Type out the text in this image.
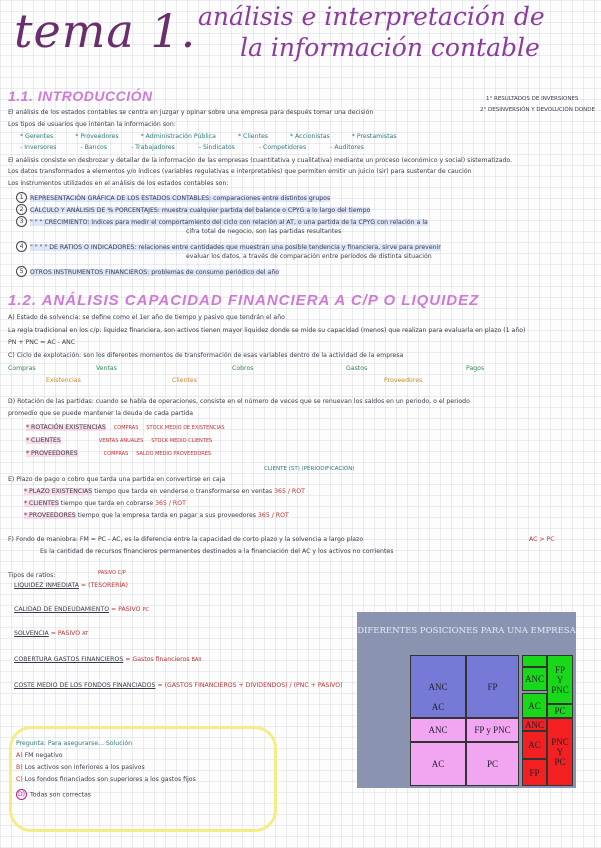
tema 1. análisis e interpretación de
la información contable
1° RESULTADOS DE INVERSIONES
2° DESINVERSIÓN Y DEVOLUCIÓN DONDE
1.1. INTRODUCCIÓN
El análisis de los estados contables se centra en juzgar y opinar sobre una empresa para después tomar una decisión
Los tipos de usuarios que intentan la información son:
* Gerentes	* Proveedores	* Administración Pública	* Clientes	* Accionistas	* Prestamistas
- Inversores	- Bancos	- Trabajadores	- Sindicatos	- Competidores	- Auditores
El análisis consiste en desbrozar y detallar de la información de las empresas (cuantitativa y cualitativa) mediante un proceso (económico y social) sistematizado.
Los datos transformados a elementos y/o índices (variables regulativas e interpretables) que permiten emitir un juicio (sir) para sustentar de caución
Los instrumentos utilizados en el análisis de los estados contables son:
1 REPRESENTACIÓN GRÁFICA DE LOS ESTADOS CONTABLES: comparaciones entre distintos grupos
2 CÁLCULO Y ANÁLISIS DE % PORCENTAJES: muestra cualquier partida del balance o CPYG a lo largo del tiempo
3 " " " CRECIMIENTO: índices para medir el comportamiento del ciclo con relación al AT, o una partida de la CPYG con relación a la
cifra total de negocio, son las partidas resultantes
4 " " " " DE RATIOS O INDICADORES: relaciones entre cantidades que muestran una posible tendencia y financiera, sirve para prevenir
evaluar los datos, a través de comparación entre periodos de distinta situación
5 OTROS INSTRUMENTOS FINANCIEROS: problemas de consumo periódico del año
1.2. ANÁLISIS CAPACIDAD FINANCIERA A C/P O LIQUIDEZ
A) Estado de solvencia: se define como el 1er año de tiempo y pasivo que tendrán el año
La regla tradicional en los c/p: liquidez financiera, son activos tienen mayor liquidez donde se mide su capacidad (menos) que realizan para evaluarla en plazo (1 año)
PN + PNC = AC - ANC
C) Ciclo de explotación: son los diferentes momentos de transformación de esas variables dentro de la actividad de la empresa
Compras	Ventas	Cobros	Gastos	Pagos
Existencias	Clientes	Proveedores
D) Rotación de las partidas: cuando se habla de operaciones, consiste en el número de veces que se renuevan los saldos en un periodo, o el periodo
promedio que se puede mantener la deuda de cada partida
* ROTACIÓN EXISTENCIAS COMPRAS STOCK MEDIO DE EXISTENCIAS
* CLIENTES	VENTAS ANUALES STOCK MEDIO CLIENTES
* PROVEEDORES	COMPRAS SALDO MEDIO PROVEEDORES
CLIENTE (ST) (PERIODIFICACIÓN)
E) Plazo de pago o cobro que tarda una partida en convertirse en caja
* PLAZO EXISTENCIAS tiempo que tarda en venderse o transformarse en ventas 365 / ROT
* CLIENTES tiempo que tarda en cobrarse 365 / ROT
* PROVEEDORES tiempo que la empresa tarda en pagar a sus proveedores 365 / ROT
F) Fondo de maniobra: FM = PC - AC, es la diferencia entre la capacidad de corto plazo y la solvencia a largo plazo	AC > PC
Es la cantidad de recursos financieros permanentes destinados a la financiación del AC y los activos no corrientes
Tipos de ratios:	PASIVO C/P
LIQUIDEZ INMEDIATA = (TESORERÍA)
CALIDAD DE ENDEUDAMIENTO = PASIVO PC
SOLVENCIA = PASIVO AT
COBERTURA GASTOS FINANCIEROS = Gastos financieros BAII
COSTE MEDIO DE LOS FONDOS FINANCIADOS = (GASTOS FINANCIEROS + DIVIDENDOS) / (PNC + PASIVO)
Pregunta: Para asegurarse... Solución
A) FM negativo
B) Los activos son inferiores a los pasivos
C) Los fondos financiados son superiores a los gastos fijos
D) Todas son correctas
DIFERENTES POSICIONES PARA UNA EMPRESA
ANC
AC
FP
ANC
AC
ANC
AC
FP y PNC
PC
ANC
AC
FP
FP
Y
PNC
PC
PNC
Y
PC
